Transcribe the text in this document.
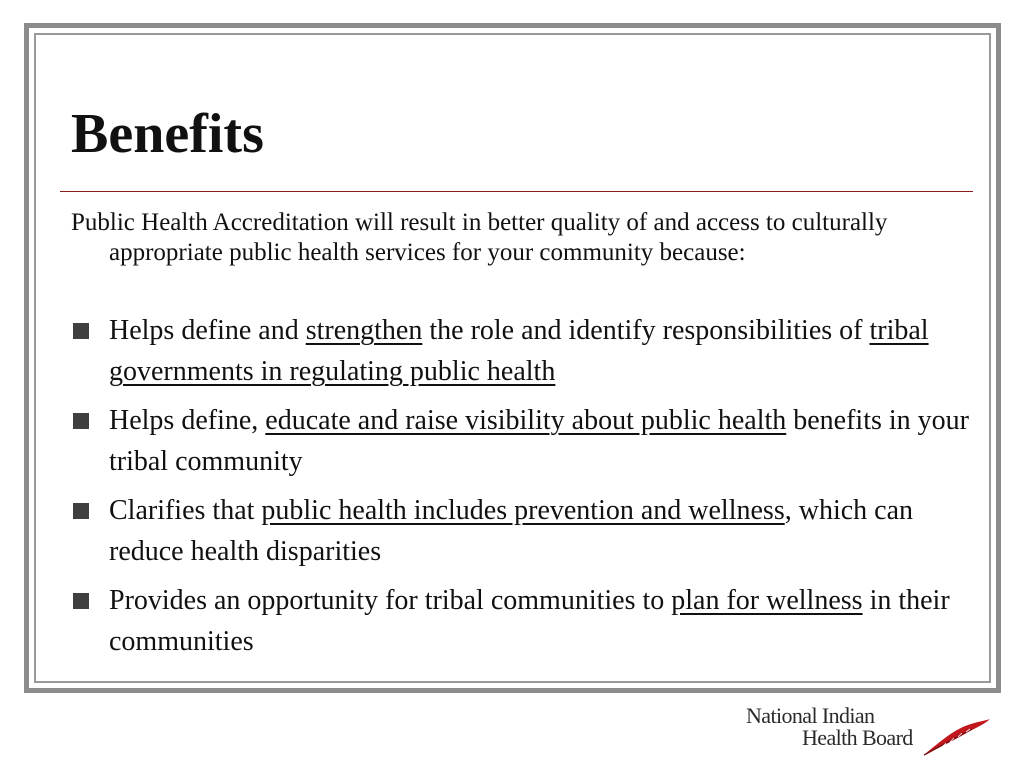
Benefits

Public Health Accreditation will result in better quality of and access to culturally appropriate public health services for your community because:

Helps define and strengthen the role and identify responsibilities of tribal governments in regulating public health
Helps define, educate and raise visibility about public health benefits in your tribal community
Clarifies that public health includes prevention and wellness, which can reduce health disparities
Provides an opportunity for tribal communities to plan for wellness in their communities
National Indian
Health Board
